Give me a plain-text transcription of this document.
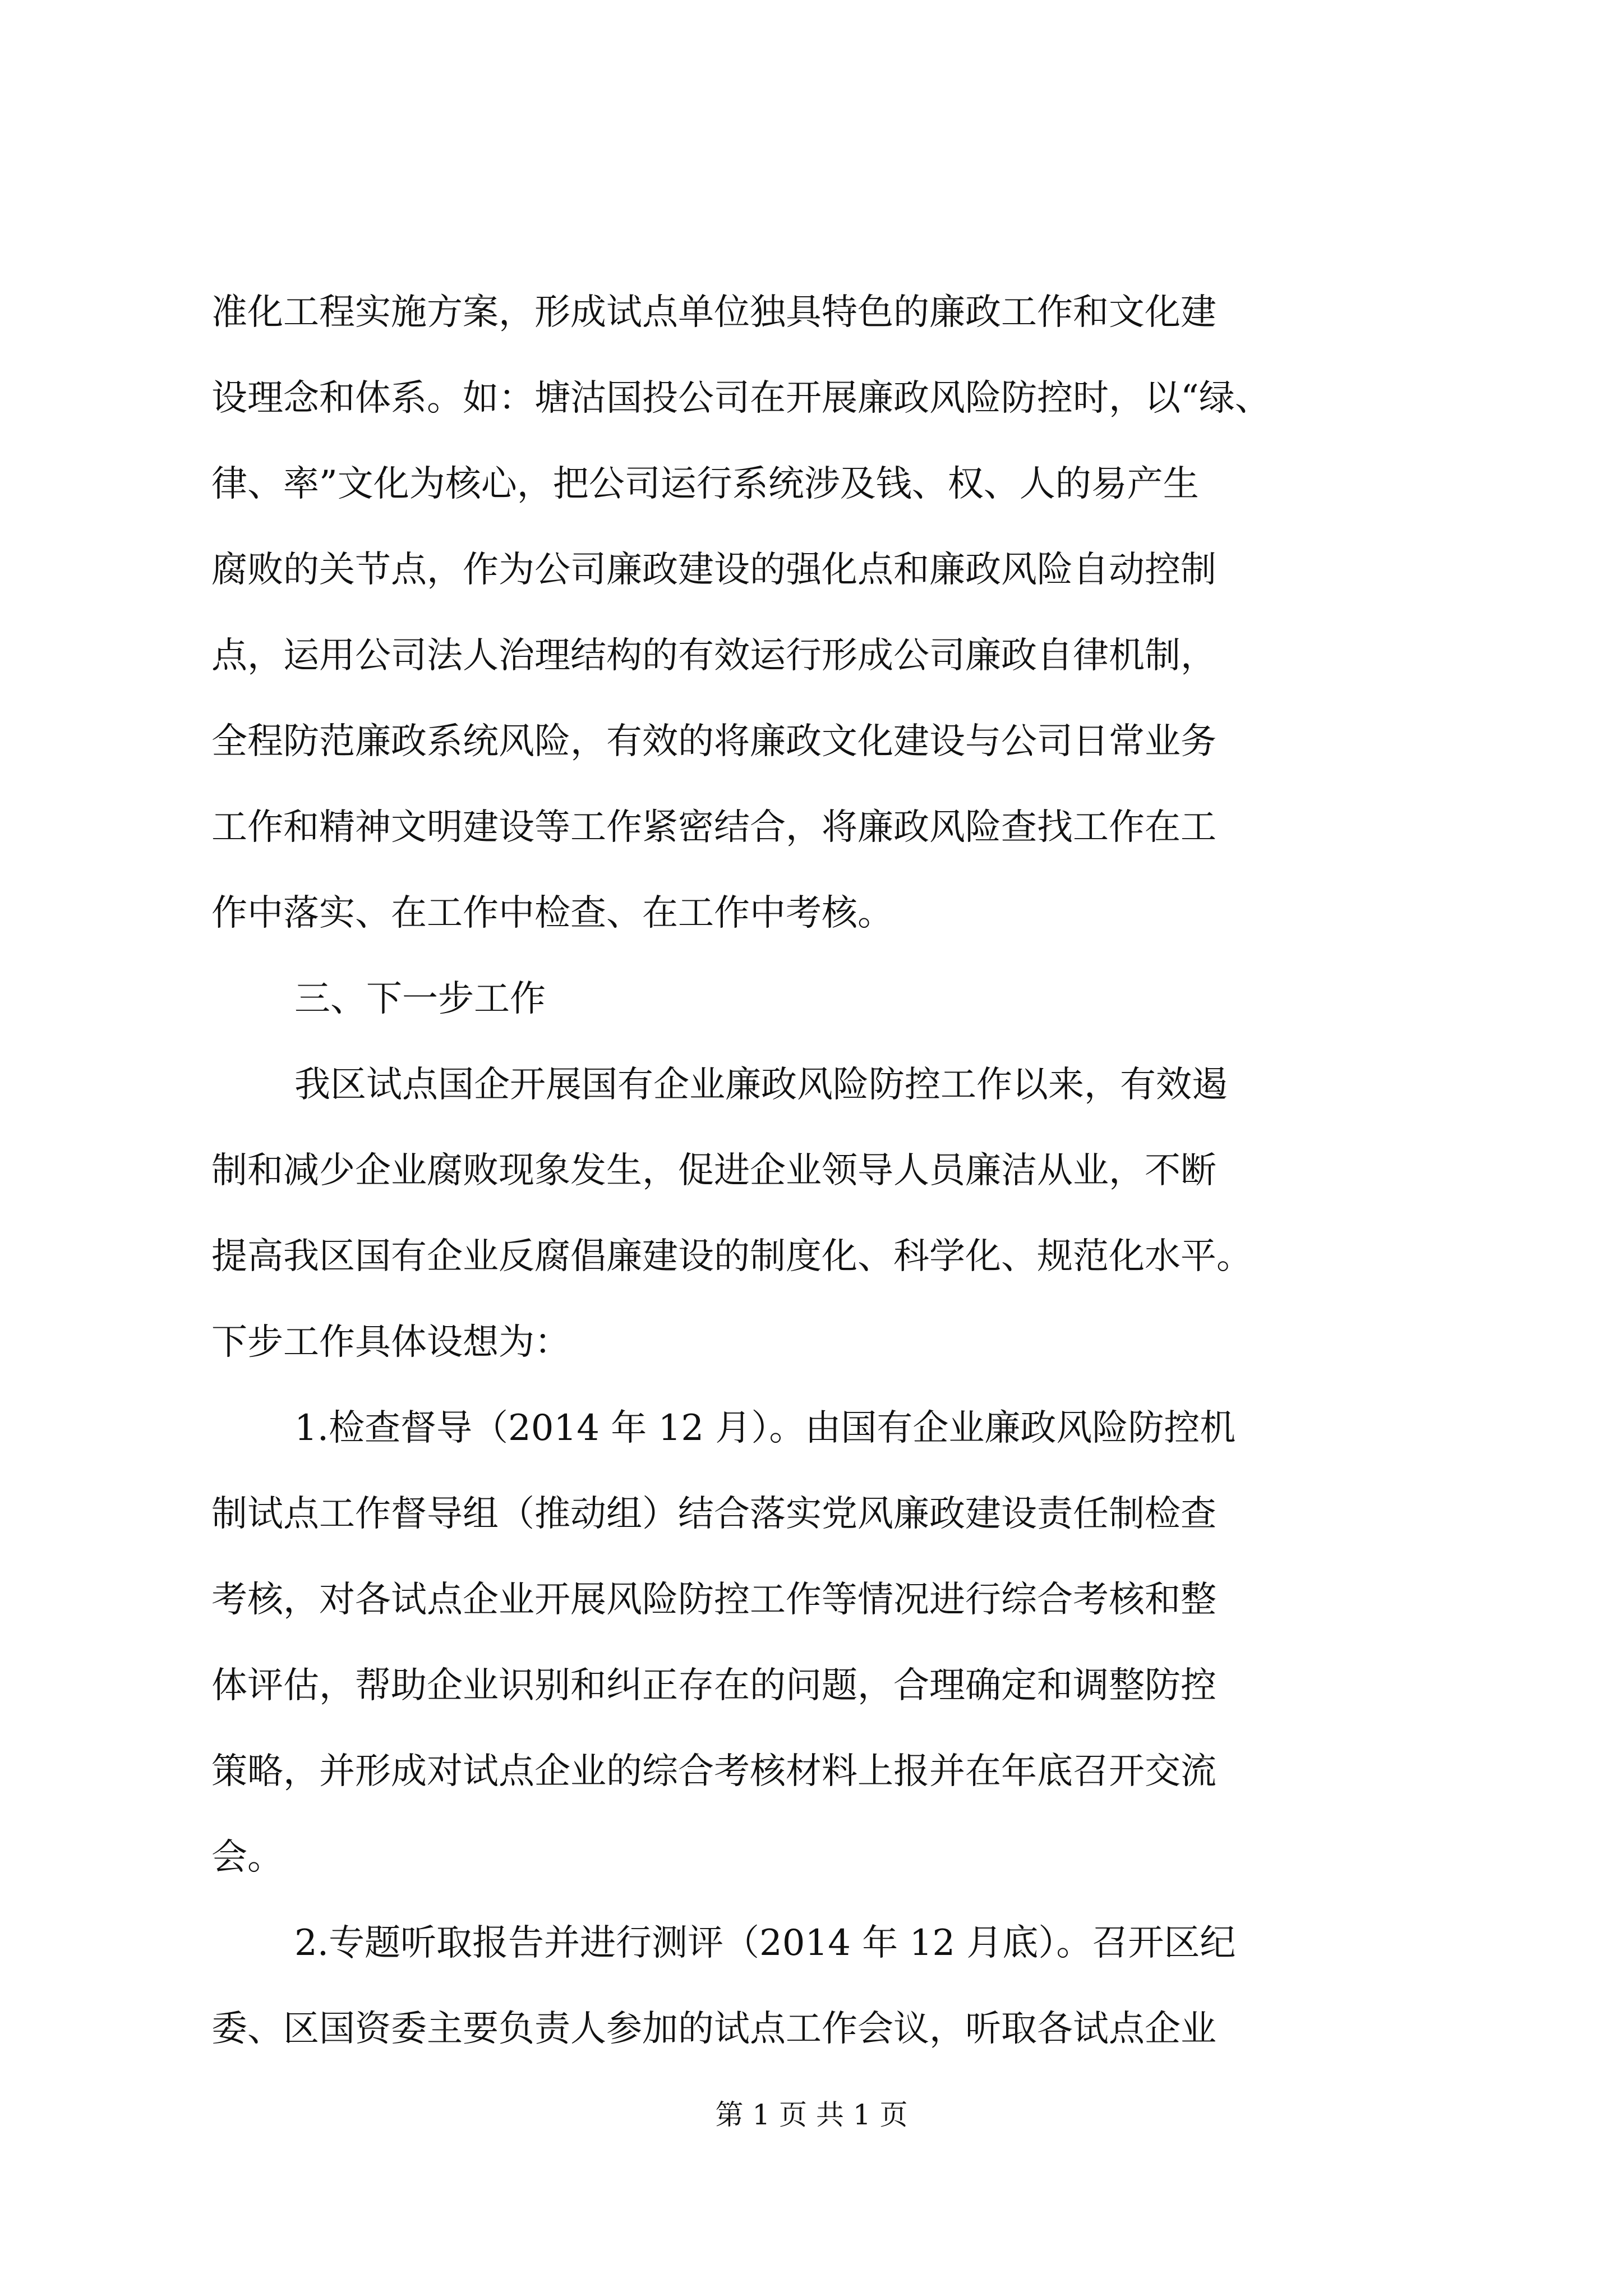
准化工程实施方案，形成试点单位独具特色的廉政工作和文化建
设理念和体系。如：塘沽国投公司在开展廉政风险防控时，以“绿、
律、率”文化为核心，把公司运行系统涉及钱、权、人的易产生
腐败的关节点，作为公司廉政建设的强化点和廉政风险自动控制
点，运用公司法人治理结构的有效运行形成公司廉政自律机制，
全程防范廉政系统风险，有效的将廉政文化建设与公司日常业务
工作和精神文明建设等工作紧密结合，将廉政风险查找工作在工
作中落实、在工作中检查、在工作中考核。
三、下一步工作
我区试点国企开展国有企业廉政风险防控工作以来，有效遏
制和减少企业腐败现象发生，促进企业领导人员廉洁从业，不断
提高我区国有企业反腐倡廉建设的制度化、科学化、规范化水平。
下步工作具体设想为：
1.检查督导（2014 年 12 月）。由国有企业廉政风险防控机
制试点工作督导组（推动组）结合落实党风廉政建设责任制检查
考核，对各试点企业开展风险防控工作等情况进行综合考核和整
体评估，帮助企业识别和纠正存在的问题，合理确定和调整防控
策略，并形成对试点企业的综合考核材料上报并在年底召开交流
会。
2.专题听取报告并进行测评（2014 年 12 月底）。召开区纪
委、区国资委主要负责人参加的试点工作会议，听取各试点企业
第 1 页 共 1 页
